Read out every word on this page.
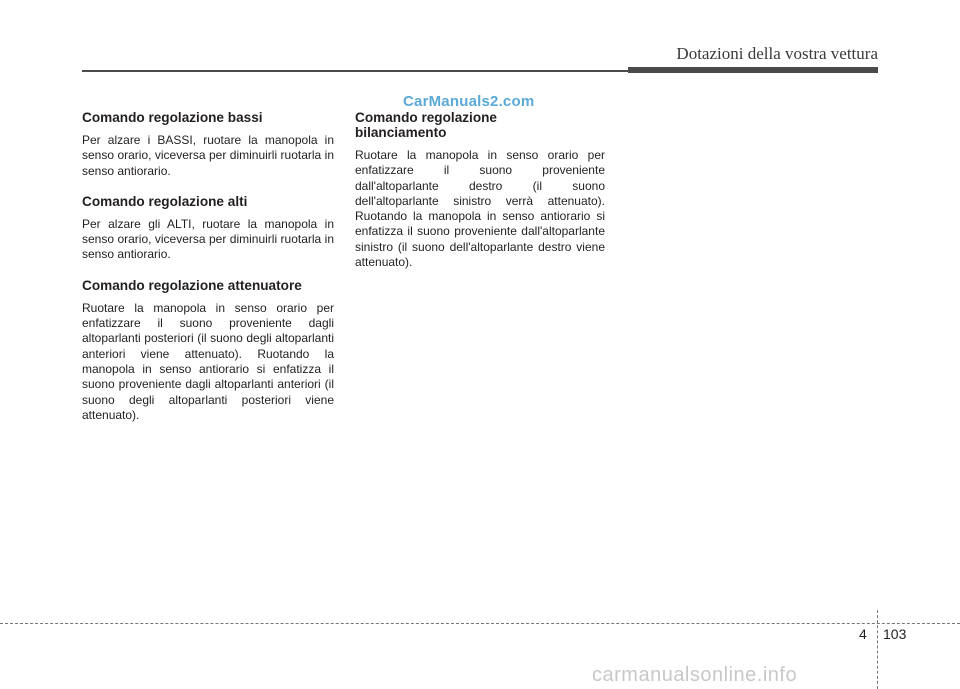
Dotazioni della vostra vettura
CarManuals2.com
Comando regolazione bassi

Per alzare i BASSI, ruotare la manopola in senso orario, viceversa per diminuirli ruotarla in senso antiorario.

Comando regolazione alti

Per alzare gli ALTI, ruotare la manopola in senso orario, viceversa per diminuirli ruotarla in senso antiorario.

Comando regolazione attenuatore

Ruotare la manopola in senso orario per enfatizzare il suono proveniente dagli altoparlanti posteriori (il suono degli altoparlanti anteriori viene attenuato). Ruotando la manopola in senso antiorario si enfatizza il suono proveniente dagli altoparlanti anteriori (il suono degli altoparlanti posteriori viene attenuato).

Comando regolazione bilanciamento

Ruotare la manopola in senso orario per enfatizzare il suono proveniente dall'altoparlante destro (il suono dell'altoparlante sinistro verrà attenuato). Ruotando la manopola in senso antiorario si enfatizza il suono proveniente dall'altoparlante sinistro (il suono dell'altoparlante destro viene attenuato).

4 103
carmanualsonline.info
